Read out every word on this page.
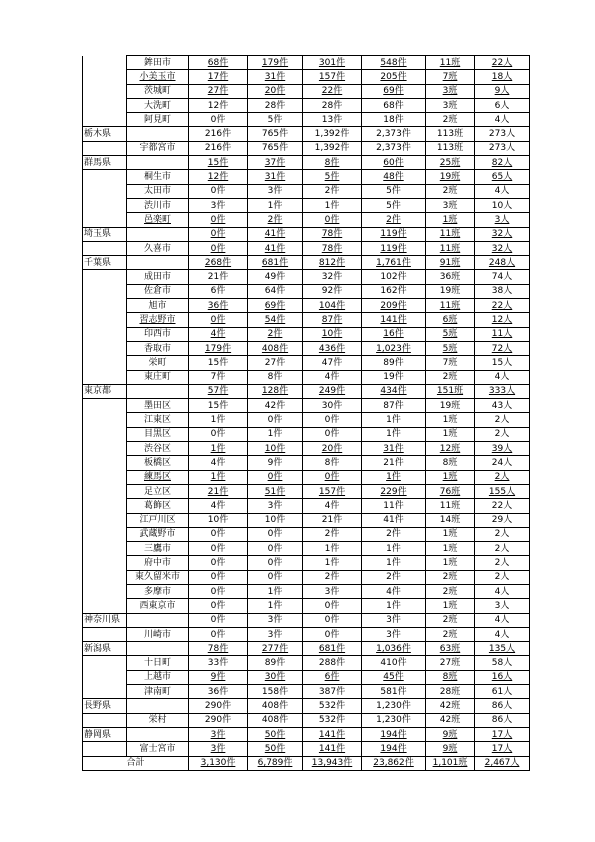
	鉾田市	68件	179件	301件	548件	11班	22人
	小美玉市	17件	31件	157件	205件	7班	18人
	茨城町	27件	20件	22件	69件	3班	9人
	大洗町	12件	28件	28件	68件	3班	6人
	阿見町	0件	5件	13件	18件	2班	4人
栃木県		216件	765件	1,392件	2,373件	113班	273人
	宇都宮市	216件	765件	1,392件	2,373件	113班	273人
群馬県		15件	37件	8件	60件	25班	82人
	桐生市	12件	31件	5件	48件	19班	65人
	太田市	0件	3件	2件	5件	2班	4人
	渋川市	3件	1件	1件	5件	3班	10人
	邑楽町	0件	2件	0件	2件	1班	3人
埼玉県		0件	41件	78件	119件	11班	32人
	久喜市	0件	41件	78件	119件	11班	32人
千葉県		268件	681件	812件	1,761件	91班	248人
	成田市	21件	49件	32件	102件	36班	74人
	佐倉市	6件	64件	92件	162件	19班	38人
	旭市	36件	69件	104件	209件	11班	22人
	習志野市	0件	54件	87件	141件	6班	12人
	印西市	4件	2件	10件	16件	5班	11人
	香取市	179件	408件	436件	1,023件	5班	72人
	栄町	15件	27件	47件	89件	7班	15人
	東庄町	7件	8件	4件	19件	2班	4人
東京都		57件	128件	249件	434件	151班	333人
	墨田区	15件	42件	30件	87件	19班	43人
	江東区	1件	0件	0件	1件	1班	2人
	目黒区	0件	1件	0件	1件	1班	2人
	渋谷区	1件	10件	20件	31件	12班	39人
	板橋区	4件	9件	8件	21件	8班	24人
	練馬区	1件	0件	0件	1件	1班	2人
	足立区	21件	51件	157件	229件	76班	155人
	葛飾区	4件	3件	4件	11件	11班	22人
	江戸川区	10件	10件	21件	41件	14班	29人
	武蔵野市	0件	0件	2件	2件	1班	2人
	三鷹市	0件	0件	1件	1件	1班	2人
	府中市	0件	0件	1件	1件	1班	2人
	東久留米市	0件	0件	2件	2件	2班	2人
	多摩市	0件	1件	3件	4件	2班	4人
	西東京市	0件	1件	0件	1件	1班	3人
神奈川県		0件	3件	0件	3件	2班	4人
	川崎市	0件	3件	0件	3件	2班	4人
新潟県		78件	277件	681件	1,036件	63班	135人
	十日町	33件	89件	288件	410件	27班	58人
	上越市	9件	30件	6件	45件	8班	16人
	津南町	36件	158件	387件	581件	28班	61人
長野県		290件	408件	532件	1,230件	42班	86人
	栄村	290件	408件	532件	1,230件	42班	86人
静岡県		3件	50件	141件	194件	9班	17人
	富士宮市	3件	50件	141件	194件	9班	17人
合計		3,130件	6,789件	13,943件	23,862件	1,101班	2,467人
